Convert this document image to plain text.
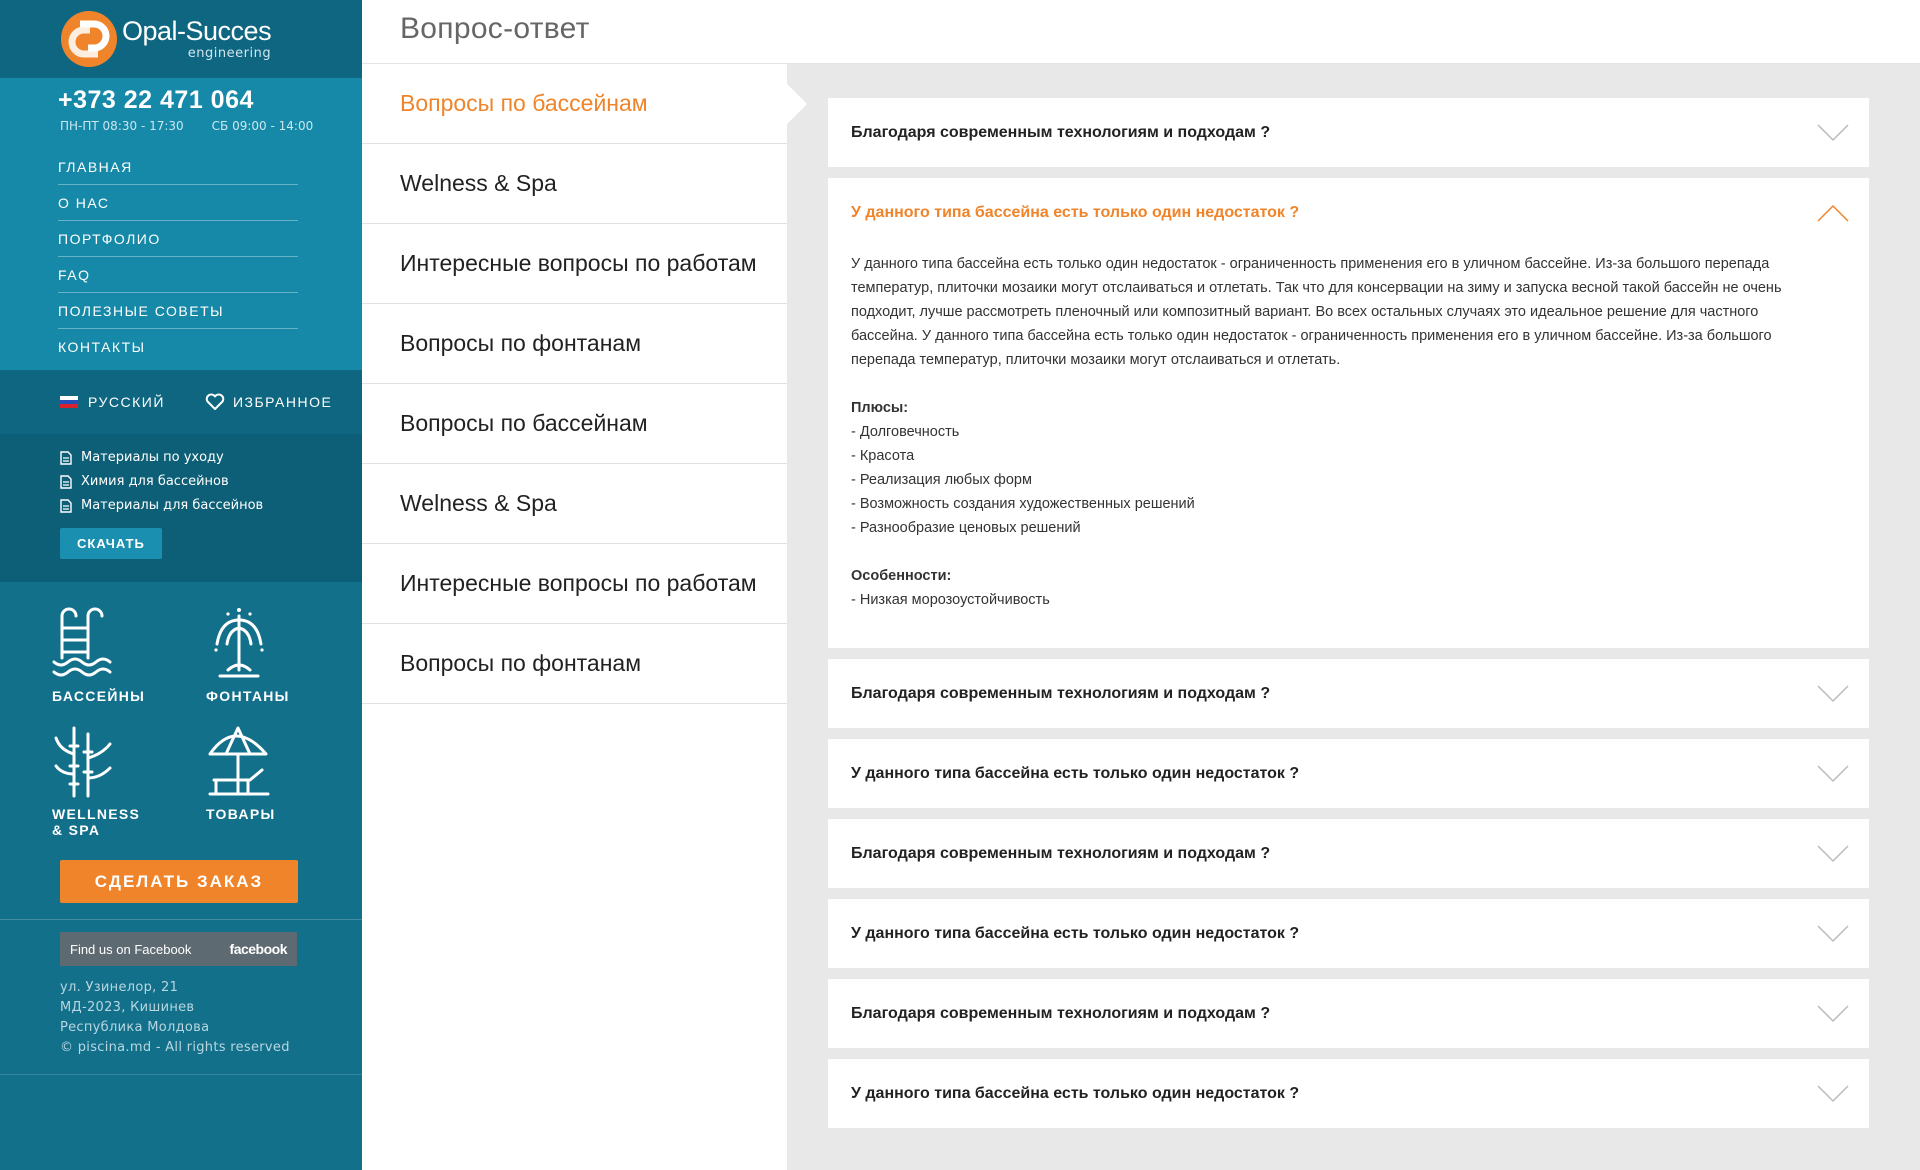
Opal-Succes
engineering
+373 22 471 064
ПН-ПТ 08:30 - 17:30 СБ 09:00 - 14:00
ГЛАВНАЯ
О НАС
ПОРТФОЛИО
FAQ
ПОЛЕЗНЫЕ СОВЕТЫ
КОНТАКТЫ
РУССКИЙ	ИЗБРАННОЕ
Материалы по уходу
Химия для бассейнов
Материалы для бассейнов
СКАЧАТЬ
БАССЕЙНЫ	ФОНТАНЫ
WELLNESS & SPA
ТОВАРЫ
СДЕЛАТЬ ЗАКАЗ
Find us on Facebook	facebook
ул. Узинелор, 21
МД-2023, Кишинев
Республика Молдова
© piscina.md - All rights reserved
Вопрос-ответ
Вопросы по бассейнам
Welness & Spa
Интересные вопросы по работам
Вопросы по фонтанам
Вопросы по бассейнам
Welness & Spa
Интересные вопросы по работам
Вопросы по фонтанам
Благодаря современным технологиям и подходам ?
У данного типа бассейна есть только один недостаток ?

У данного типа бассейна есть только один недостаток - ограниченность применения его в уличном бассейне. Из-за большого перепада температур, плиточки мозаики могут отслаиваться и отлетать. Так что для консервации на зиму и запуска весной такой бассейн не очень подходит, лучше рассмотреть пленочный или композитный вариант. Во всех остальных случаях это идеальное решение для частного бассейна. У данного типа бассейна есть только один недостаток - ограниченность применения его в уличном бассейне. Из-за большого перепада температур, плиточки мозаики могут отслаиваться и отлетать.

Плюсы:
- Долговечность
- Красота
- Реализация любых форм
- Возможность создания художественных решений
- Разнообразие ценовых решений
Особенности:
- Низкая морозоустойчивость
Благодаря современным технологиям и подходам ?
У данного типа бассейна есть только один недостаток ?
Благодаря современным технологиям и подходам ?
У данного типа бассейна есть только один недостаток ?
Благодаря современным технологиям и подходам ?
У данного типа бассейна есть только один недостаток ?
